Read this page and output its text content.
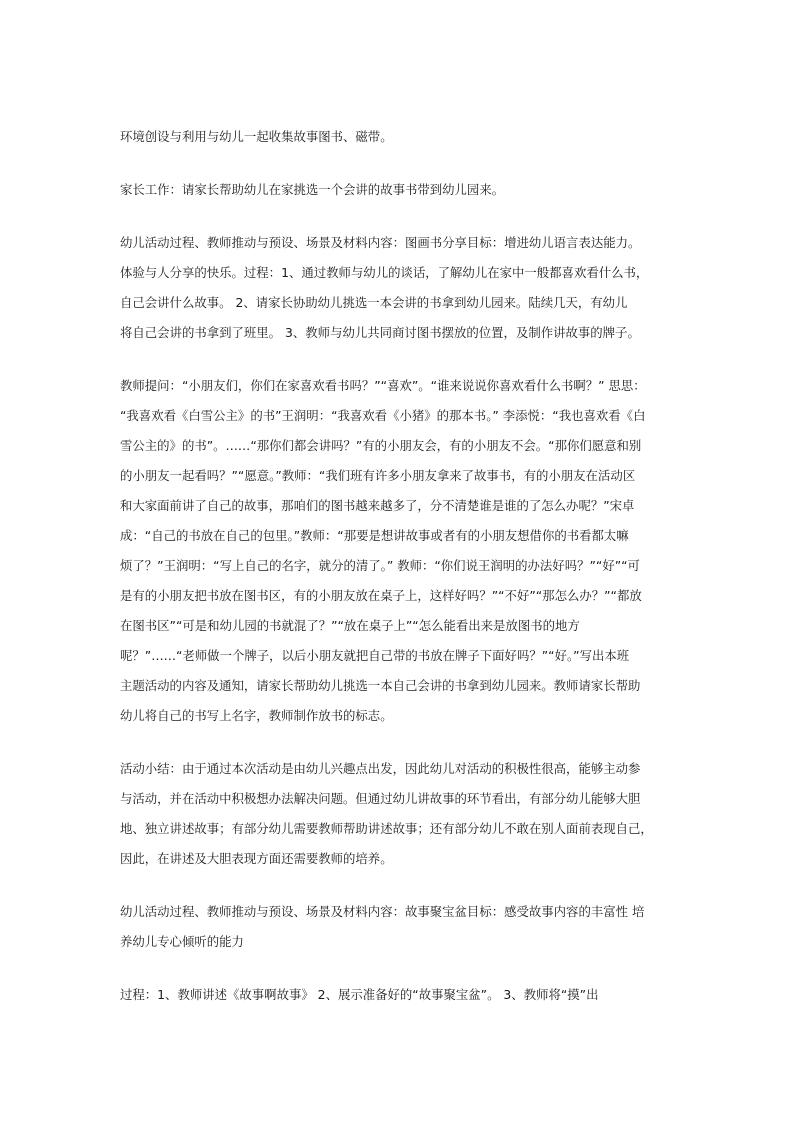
环境创设与利用与幼儿一起收集故事图书、磁带。

家长工作：请家长帮助幼儿在家挑选一个会讲的故事书带到幼儿园来。

幼儿活动过程、教师推动与预设、场景及材料内容：图画书分享目标：增进幼儿语言表达能力。
体验与人分享的快乐。过程：1、通过教师与幼儿的谈话，了解幼儿在家中一般都喜欢看什么书，
自己会讲什么故事。 2、请家长协助幼儿挑选一本会讲的书拿到幼儿园来。陆续几天，有幼儿
将自己会讲的书拿到了班里。 3、教师与幼儿共同商讨图书摆放的位置，及制作讲故事的牌子。

教师提问：“小朋友们，你们在家喜欢看书吗？”“喜欢”。“谁来说说你喜欢看什么书啊？” 思思：
“我喜欢看《白雪公主》的书”王润明：“我喜欢看《小猪》的那本书。” 李添悦：“我也喜欢看《白
雪公主的》的书”。……“那你们都会讲吗？”有的小朋友会，有的小朋友不会。“那你们愿意和别
的小朋友一起看吗？”“愿意。”教师：“我们班有许多小朋友拿来了故事书，有的小朋友在活动区
和大家面前讲了自己的故事，那咱们的图书越来越多了，分不清楚谁是谁的了怎么办呢？”宋卓
成：“自己的书放在自己的包里。”教师：“那要是想讲故事或者有的小朋友想借你的书看都太嘛
烦了？”王润明：“写上自己的名字，就分的清了。” 教师：“你们说王润明的办法好吗？”“好”“可
是有的小朋友把书放在图书区，有的小朋友放在桌子上，这样好吗？”“不好”“那怎么办？”“都放
在图书区”“可是和幼儿园的书就混了？”“放在桌子上”“怎么能看出来是放图书的地方
呢？”……“老师做一个牌子，以后小朋友就把自己带的书放在牌子下面好吗？”“好。”写出本班
主题活动的内容及通知，请家长帮助幼儿挑选一本自己会讲的书拿到幼儿园来。教师请家长帮助
幼儿将自己的书写上名字，教师制作放书的标志。

活动小结：由于通过本次活动是由幼儿兴趣点出发，因此幼儿对活动的积极性很高，能够主动参
与活动，并在活动中积极想办法解决问题。但通过幼儿讲故事的环节看出，有部分幼儿能够大胆
地、独立讲述故事；有部分幼儿需要教师帮助讲述故事；还有部分幼儿不敢在别人面前表现自己，
因此，在讲述及大胆表现方面还需要教师的培养。

幼儿活动过程、教师推动与预设、场景及材料内容：故事聚宝盆目标：感受故事内容的丰富性 培
养幼儿专心倾听的能力

过程：1、教师讲述《故事啊故事》 2、展示准备好的“故事聚宝盆”。 3、教师将“摸”出
